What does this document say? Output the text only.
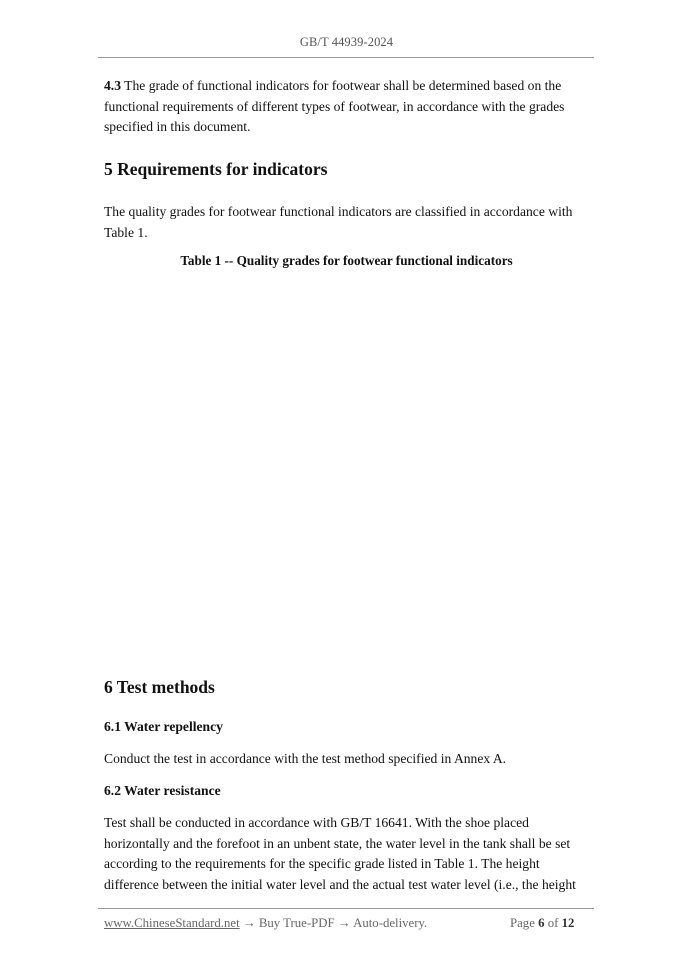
GB/T 44939-2024

4.3 The grade of functional indicators for footwear shall be determined based on the

functional requirements of different types of footwear, in accordance with the grades

specified in this document.

5 Requirements for indicators

The quality grades for footwear functional indicators are classified in accordance with

Table 1.

Table 1 -- Quality grades for footwear functional indicators

6 Test methods
6.1 Water repellency

Conduct the test in accordance with the test method specified in Annex A.

6.2 Water resistance

Test shall be conducted in accordance with GB/T 16641. With the shoe placed

horizontally and the forefoot in an unbent state, the water level in the tank shall be set

according to the requirements for the specific grade listed in Table 1. The height

difference between the initial water level and the actual test water level (i.e., the height

www.ChineseStandard.net → Buy True-PDF → Auto-delivery.	Page 6 of 12
